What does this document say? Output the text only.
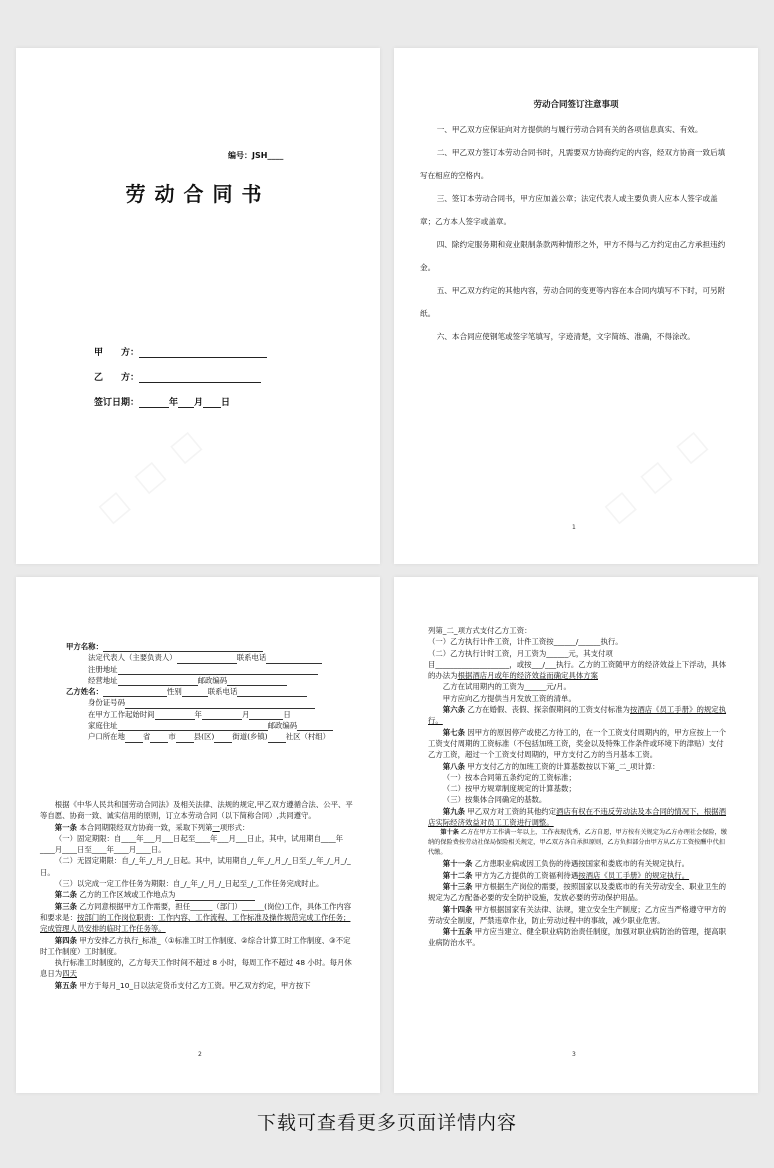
编号：JSH____
劳动合同书
甲　　方：
乙　　方：
签订日期：	年 月 日
劳动合同签订注意事项

一、甲乙双方应保证向对方提供的与履行劳动合同有关的各项信息真实、有效。

二、甲乙双方签订本劳动合同书时，凡需要双方协商约定的内容，经双方协商一致后填写在相应的空格内。

三、签订本劳动合同书，甲方应加盖公章；法定代表人或主要负责人应本人签字或盖章；乙方本人签字或盖章。

四、除约定服务期和竞业限制条款两种情形之外，甲方不得与乙方约定由乙方承担违约金。

五、甲乙双方约定的其他内容，劳动合同的变更等内容在本合同内填写不下时，可另附纸。

六、本合同应使钢笔或签字笔填写，字迹清楚，文字简练、准确，不得涂改。

1

甲方名称：

法定代表人（主要负责人）	联系电话

注册地址

经营地址	邮政编码

乙方姓名：	性别	联系电话

身份证号码

在甲方工作起始时间	年	月	日

家庭住址	邮政编码

户口所在地 省 市 县(区) 街道(乡镇) 社区（村组）

根据《中华人民共和国劳动合同法》及相关法律、法规的规定,甲乙双方遵循合法、公平、平等自愿、协商一致、诚实信用的原则，订立本劳动合同（以下简称合同）,共同遵守。

第一条 本合同期限经双方协商一致，采取下列第一项形式：

（一）固定期限：自____年___月___日起至____年___月___日止，其中，试用期自____年____月____日至____年____月____日。

（二）无固定期限：自_/_年_/_月_/_日起。其中，试用期自_/_年_/_月_/_日至_/_年_/_月_/_日。

（三）以完成一定工作任务为期限：自_/_年_/_月_/_日起至_/_工作任务完成时止。

第二条 乙方的工作区域或工作地点为

第三条 乙方同意根据甲方工作需要，担任______（部门）______(岗位)工作，具体工作内容和要求是：按部门的工作岗位职责：工作内容、工作流程、工作标准及操作规范完成工作任务；完成管理人员安排的临时工作任务等。

第四条 甲方安排乙方执行_标准_（①标准工时工作制度、②综合计算工时工作制度、③不定时工作制度）工时制度。

执行标准工时制度的，乙方每天工作时间不超过 8 小时，每周工作不超过 48 小时。每月休息日为四天

第五条 甲方于每月_10_日以法定货币支付乙方工资。甲乙双方约定，甲方按下

2

列第_二_项方式支付乙方工资：

（一）乙方执行计件工资，计件工资按______/______执行。

（二）乙方执行计时工资，月工资为______元，其支付项

目____________________，或按___/___执行。乙方的工资随甲方的经济效益上下浮动，具体的办法为根据酒店月或年的经济效益而确定具体方案

乙方在试用期内的工资为______元/月。

甲方应向乙方提供当月发放工资的清单。

第六条 乙方在婚假、丧假、探亲假期间的工资支付标准为按酒店《员工手册》的规定执行。

第七条 因甲方的原因停产或使乙方待工的，在一个工资支付周期内的，甲方应按上一个工资支付周期的工资标准（不包括加班工资，奖金以及特殊工作条件或环境下的津贴）支付乙方工资，超过一个工资支付周期的，甲方支付乙方的当月基本工资。

第八条 甲方支付乙方的加班工资的计算基数按以下第_二_项计算：

（一）按本合同第五条约定的工资标准；

（二）按甲方规章制度规定的计算基数；

（三）按集体合同确定的基数。

第九条 甲乙双方对工资的其他约定酒店有权在不违反劳动法及本合同的情况下，根据酒店实际经济效益对员工工资进行调整。

第十条 乙方在甲方工作满一年以上，工作表现优秀，乙方自愿，甲方按有关规定为乙方办理社会保险，缴纳的保险费按劳动社保局保险相关规定，甲乙双方各自承担原则，乙方负担部分由甲方从乙方工资按酬中代扣代缴。

第十一条 乙方患职业病或因工负伤的待遇按国家和娄底市的有关规定执行。

第十二条 甲方为乙方提供的工资福利待遇按酒店《员工手册》的规定执行。

第十三条 甲方根据生产岗位的需要，按照国家以及娄底市的有关劳动安全、职业卫生的规定为乙方配备必要的安全防护设施，发放必要的劳动保护用品。

第十四条 甲方根据国家有关法律、法规，建立安全生产制度；乙方应当严格遵守甲方的劳动安全制度，严禁违章作业，防止劳动过程中的事故，减少职业危害。

第十五条 甲方应当建立、健全职业病防治责任制度，加强对职业病防治的管理，提高职业病防治水平。

3
下载可查看更多页面详情内容
